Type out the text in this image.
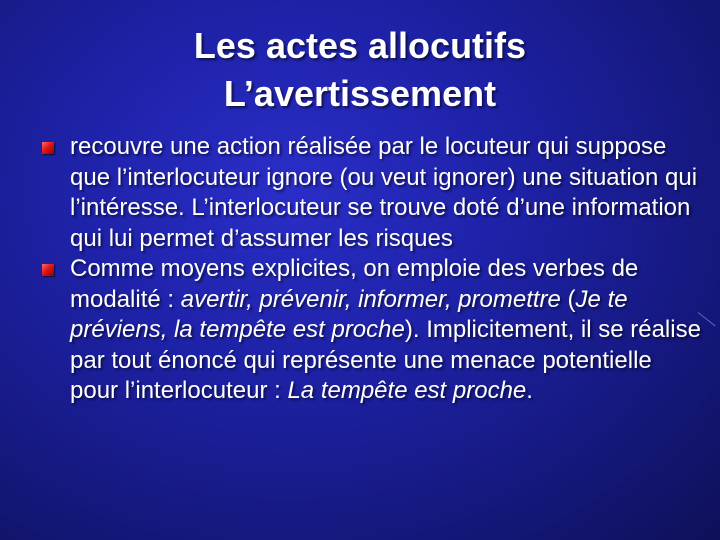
Les actes allocutifs
L’avertissement
recouvre une action réalisée par le locuteur qui suppose que l’interlocuteur ignore (ou veut ignorer) une situation qui l’intéresse. L’interlocuteur se trouve doté d’une information qui lui permet d’assumer les risques
Comme moyens explicites, on emploie des verbes de modalité : avertir, prévenir, informer, promettre (Je te préviens, la tempête est proche). Implicitement, il se réalise par tout énoncé qui représente une menace potentielle pour l’interlocuteur : La tempête est proche.
